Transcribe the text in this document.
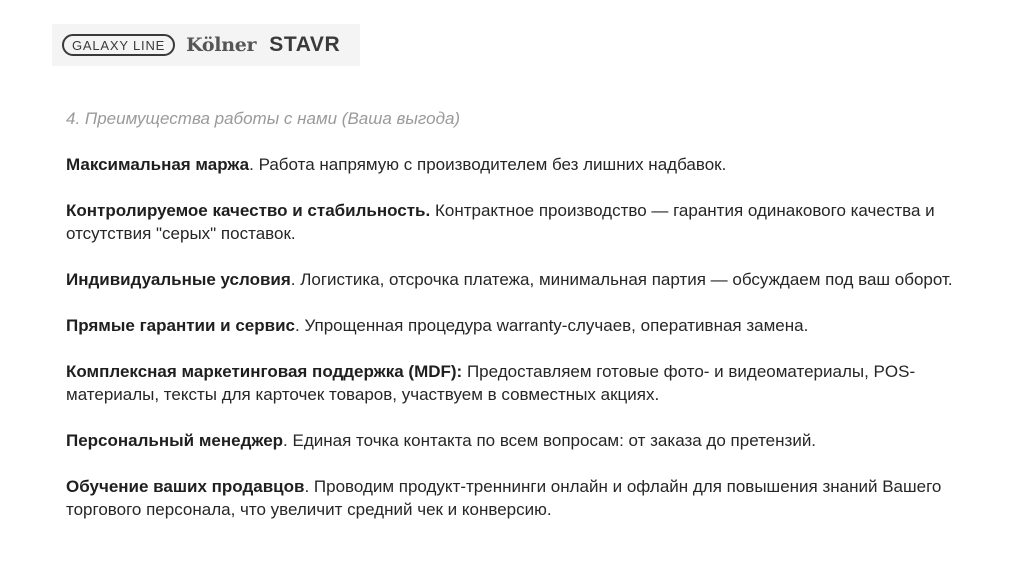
GALAXY LINE Kölner STAVR

4. Преимущества работы с нами (Ваша выгода)

Максимальная маржа. Работа напрямую с производителем без лишних надбавок.

Контролируемое качество и стабильность. Контрактное производство — гарантия одинакового качества и отсутствия "серых" поставок.

Индивидуальные условия. Логистика, отсрочка платежа, минимальная партия — обсуждаем под ваш оборот.

Прямые гарантии и сервис. Упрощенная процедура warranty-случаев, оперативная замена.

Комплексная маркетинговая поддержка (MDF): Предоставляем готовые фото- и видеоматериалы, POS-материалы, тексты для карточек товаров, участвуем в совместных акциях.

Персональный менеджер. Единая точка контакта по всем вопросам: от заказа до претензий.

Обучение ваших продавцов. Проводим продукт-треннинги онлайн и офлайн для повышения знаний Вашего торгового персонала, что увеличит средний чек и конверсию.
